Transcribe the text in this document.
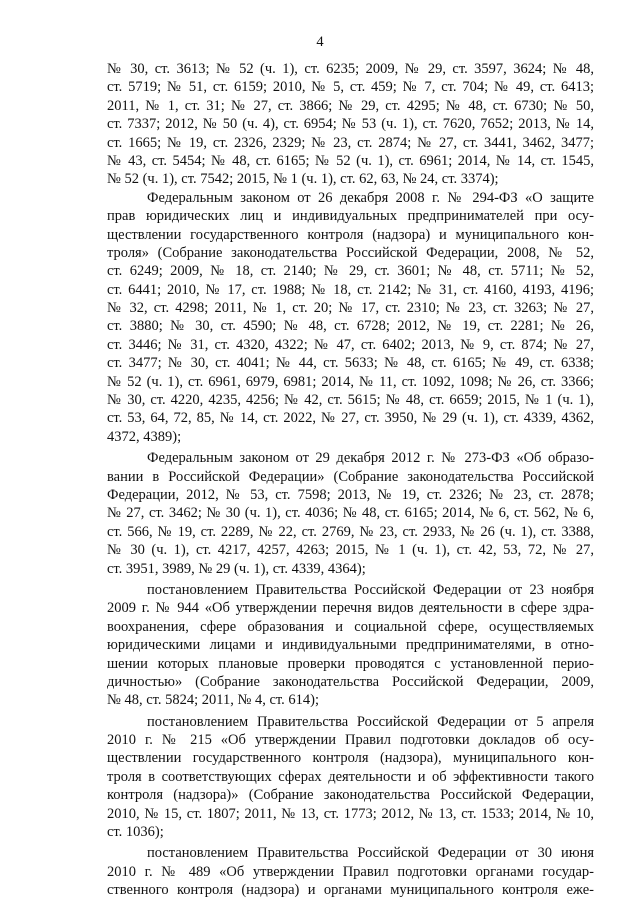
4
№ 30, ст. 3613; № 52 (ч. 1), ст. 6235; 2009, № 29, ст. 3597, 3624; № 48,
ст. 5719; № 51, ст. 6159; 2010, № 5, ст. 459; № 7, ст. 704; № 49, ст. 6413;
2011, № 1, ст. 31; № 27, ст. 3866; № 29, ст. 4295; № 48, ст. 6730; № 50,
ст. 7337; 2012, № 50 (ч. 4), ст. 6954; № 53 (ч. 1), ст. 7620, 7652; 2013, № 14,
ст. 1665; № 19, ст. 2326, 2329; № 23, ст. 2874; № 27, ст. 3441, 3462, 3477;
№ 43, ст. 5454; № 48, ст. 6165; № 52 (ч. 1), ст. 6961; 2014, № 14, ст. 1545,
№ 52 (ч. 1), ст. 7542; 2015, № 1 (ч. 1), ст. 62, 63, № 24, ст. 3374);
Федеральным законом от 26 декабря 2008 г. № 294-ФЗ «О защите
прав юридических лиц и индивидуальных предпринимателей при осу-
ществлении государственного контроля (надзора) и муниципального кон-
троля» (Собрание законодательства Российской Федерации, 2008, № 52,
ст. 6249; 2009, № 18, ст. 2140; № 29, ст. 3601; № 48, ст. 5711; № 52,
ст. 6441; 2010, № 17, ст. 1988; № 18, ст. 2142; № 31, ст. 4160, 4193, 4196;
№ 32, ст. 4298; 2011, № 1, ст. 20; № 17, ст. 2310; № 23, ст. 3263; № 27,
ст. 3880; № 30, ст. 4590; № 48, ст. 6728; 2012, № 19, ст. 2281; № 26,
ст. 3446; № 31, ст. 4320, 4322; № 47, ст. 6402; 2013, № 9, ст. 874; № 27,
ст. 3477; № 30, ст. 4041; № 44, ст. 5633; № 48, ст. 6165; № 49, ст. 6338;
№ 52 (ч. 1), ст. 6961, 6979, 6981; 2014, № 11, ст. 1092, 1098; № 26, ст. 3366;
№ 30, ст. 4220, 4235, 4256; № 42, ст. 5615; № 48, ст. 6659; 2015, № 1 (ч. 1),
ст. 53, 64, 72, 85, № 14, ст. 2022, № 27, ст. 3950, № 29 (ч. 1), ст. 4339, 4362,
4372, 4389);
Федеральным законом от 29 декабря 2012 г. № 273-ФЗ «Об образо-
вании в Российской Федерации» (Собрание законодательства Российской
Федерации, 2012, № 53, ст. 7598; 2013, № 19, ст. 2326; № 23, ст. 2878;
№ 27, ст. 3462; № 30 (ч. 1), ст. 4036; № 48, ст. 6165; 2014, № 6, ст. 562, № 6,
ст. 566, № 19, ст. 2289, № 22, ст. 2769, № 23, ст. 2933, № 26 (ч. 1), ст. 3388,
№ 30 (ч. 1), ст. 4217, 4257, 4263; 2015, № 1 (ч. 1), ст. 42, 53, 72, № 27,
ст. 3951, 3989, № 29 (ч. 1), ст. 4339, 4364);
постановлением Правительства Российской Федерации от 23 ноября
2009 г. № 944 «Об утверждении перечня видов деятельности в сфере здра-
воохранения, сфере образования и социальной сфере, осуществляемых
юридическими лицами и индивидуальными предпринимателями, в отно-
шении которых плановые проверки проводятся с установленной перио-
дичностью» (Собрание законодательства Российской Федерации, 2009,
№ 48, ст. 5824; 2011, № 4, ст. 614);
постановлением Правительства Российской Федерации от 5 апреля
2010 г. № 215 «Об утверждении Правил подготовки докладов об осу-
ществлении государственного контроля (надзора), муниципального кон-
троля в соответствующих сферах деятельности и об эффективности такого
контроля (надзора)» (Собрание законодательства Российской Федерации,
2010, № 15, ст. 1807; 2011, № 13, ст. 1773; 2012, № 13, ст. 1533; 2014, № 10,
ст. 1036);
постановлением Правительства Российской Федерации от 30 июня
2010 г. № 489 «Об утверждении Правил подготовки органами государ-
ственного контроля (надзора) и органами муниципального контроля еже-
